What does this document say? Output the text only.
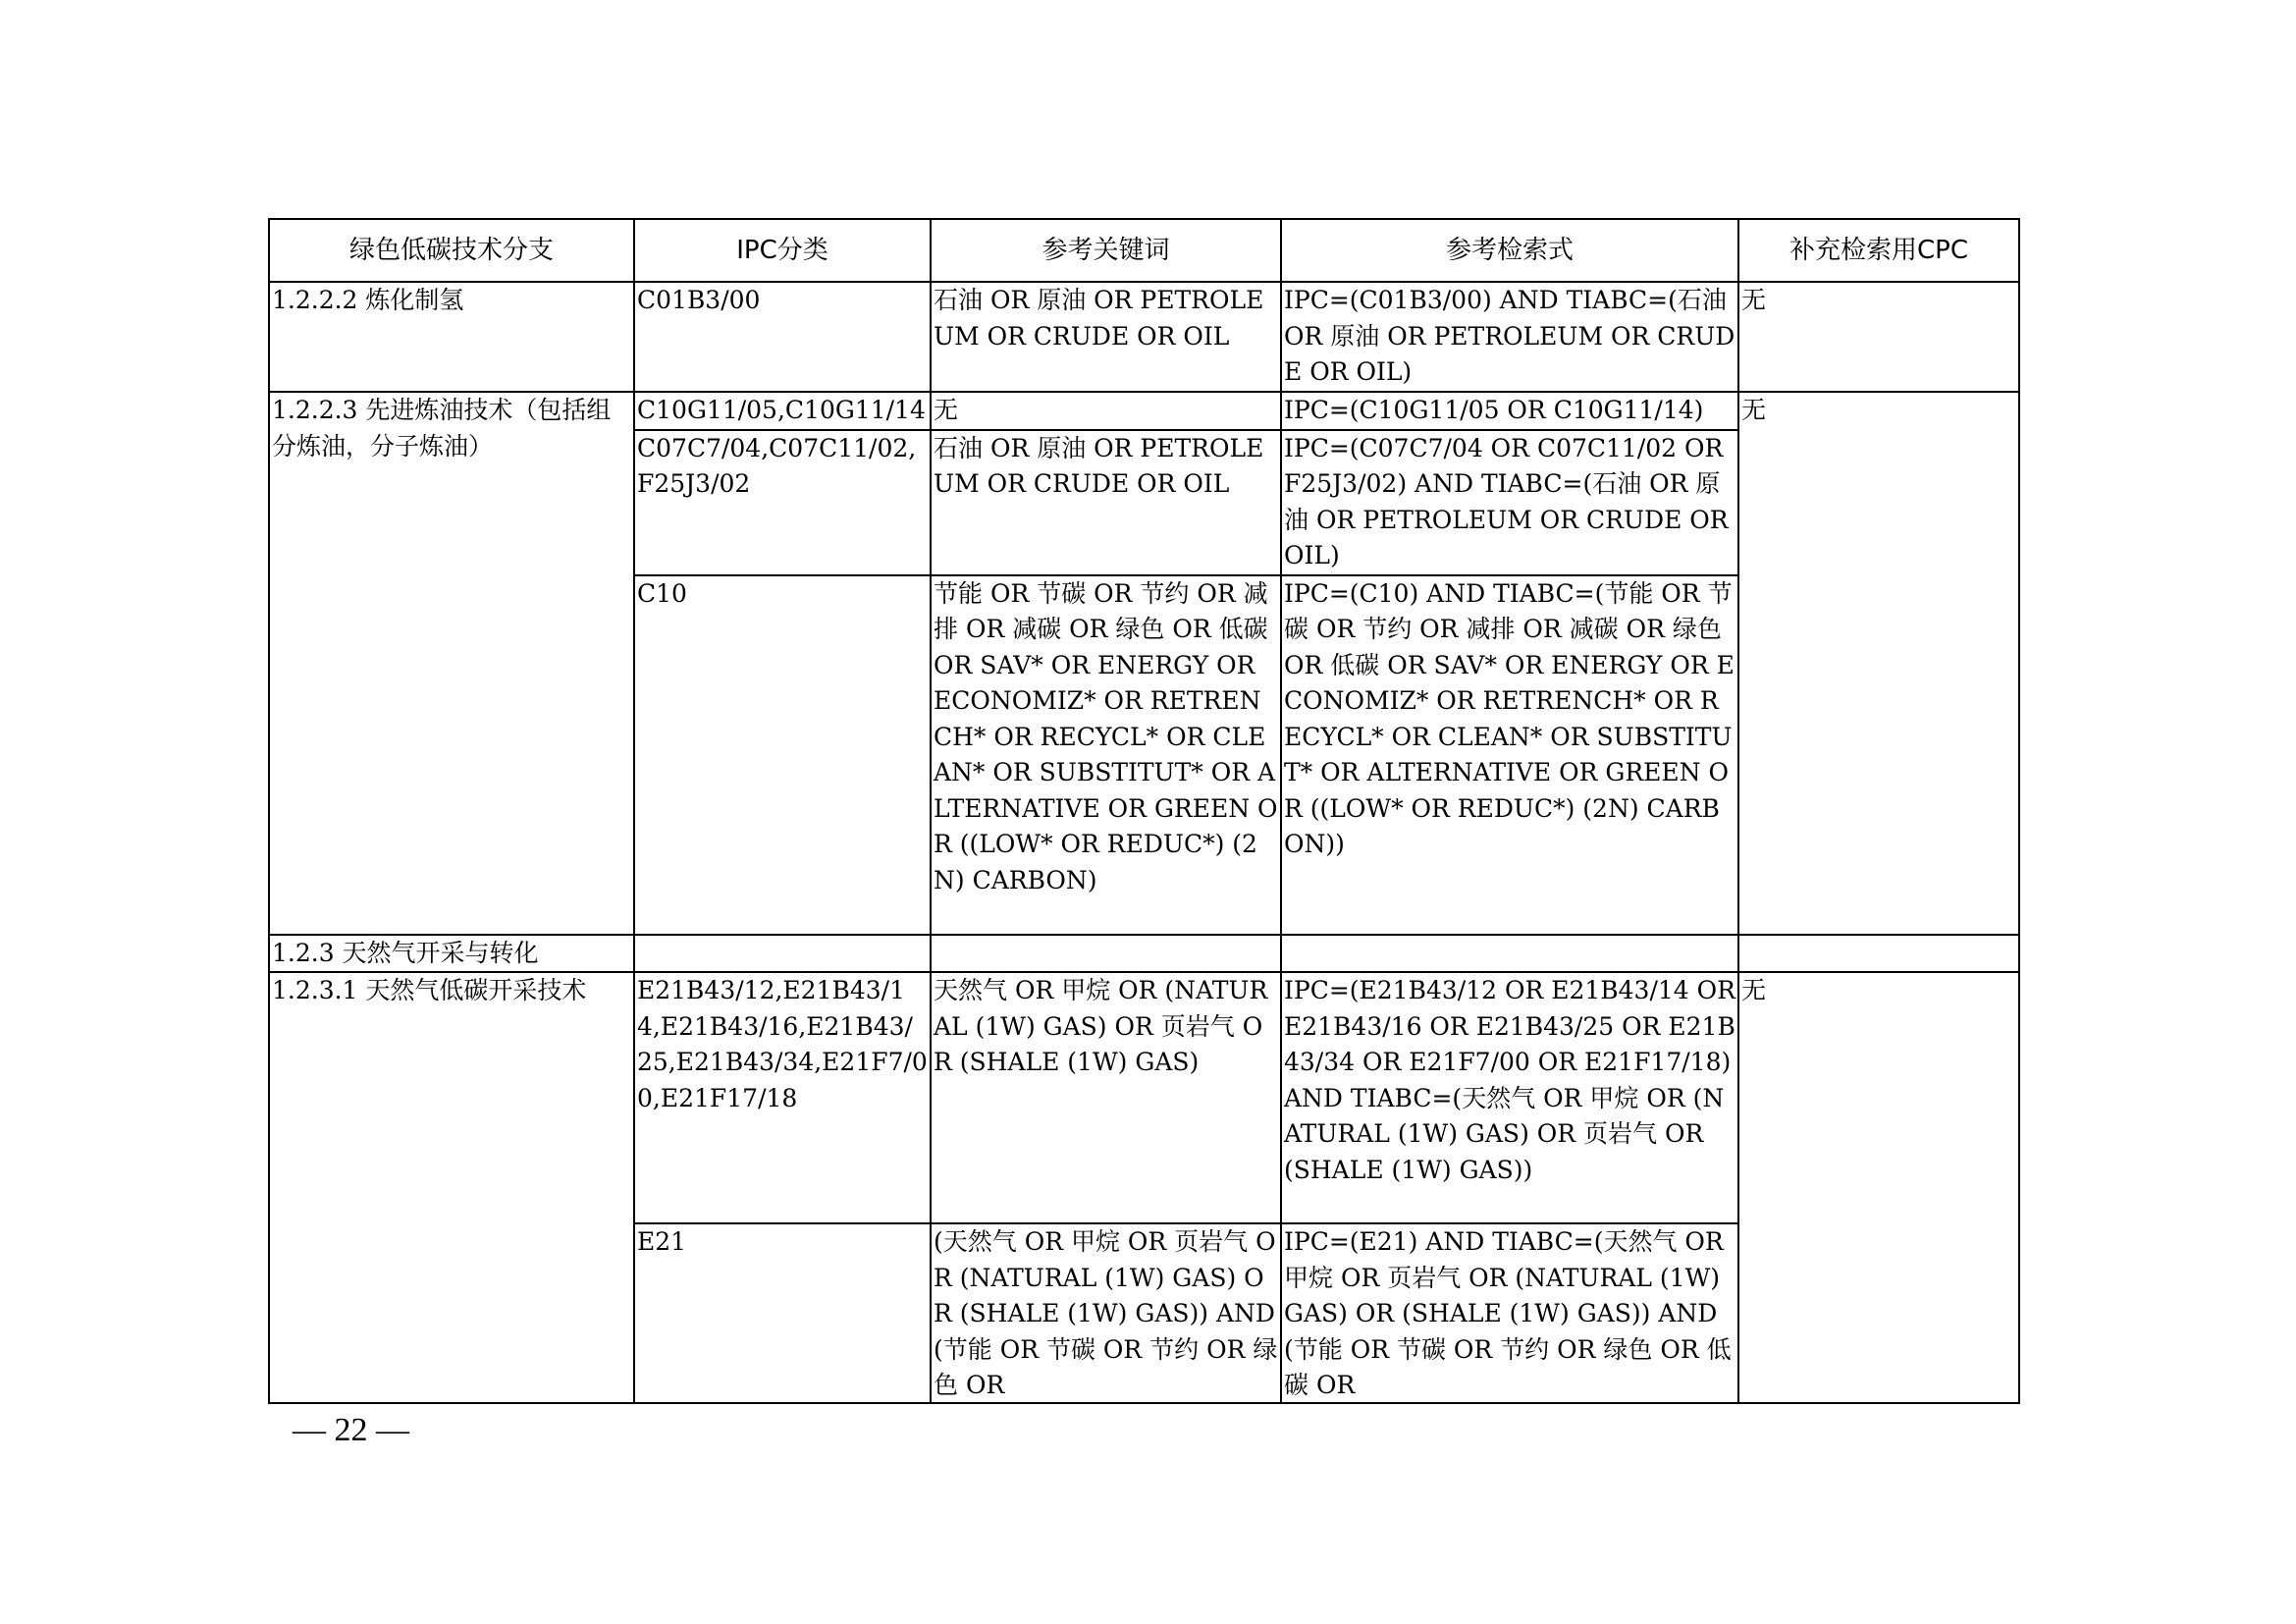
绿色低碳技术分支	IPC分类	参考关键词	参考检索式	补充检索用CPC
1.2.2.2 炼化制氢	C01B3/00	石油 OR 原油 OR PETROLEUM OR CRUDE OR OIL	IPC=(C01B3/00) AND TIABC=(石油 OR 原油 OR PETROLEUM OR CRUDE OR OIL)	无
1.2.2.3 先进炼油技术（包括组分炼油，分子炼油）	C10G11/05,C10G11/14	无	IPC=(C10G11/05 OR C10G11/14)	无
	C07C7/04,C07C11/02,F25J3/02	石油 OR 原油 OR PETROLEUM OR CRUDE OR OIL	IPC=(C07C7/04 OR C07C11/02 OR F25J3/02) AND TIABC=(石油 OR 原油 OR PETROLEUM OR CRUDE OR OIL)	
	C10	节能 OR 节碳 OR 节约 OR 减排 OR 减碳 OR 绿色 OR 低碳 OR SAV* OR ENERGY OR ECONOMIZ* OR RETRENCH* OR RECYCL* OR CLEAN* OR SUBSTITUT* OR ALTERNATIVE OR GREEN OR ((LOW* OR REDUC*) (2N) CARBON)	IPC=(C10) AND TIABC=(节能 OR 节碳 OR 节约 OR 减排 OR 减碳 OR 绿色 OR 低碳 OR SAV* OR ENERGY OR ECONOMIZ* OR RETRENCH* OR RECYCL* OR CLEAN* OR SUBSTITUT* OR ALTERNATIVE OR GREEN OR ((LOW* OR REDUC*) (2N) CARBON))	
1.2.3 天然气开采与转化				
1.2.3.1 天然气低碳开采技术	E21B43/12,E21B43/14,E21B43/16,E21B43/25,E21B43/34,E21F7/00,E21F17/18	天然气 OR 甲烷 OR (NATURAL (1W) GAS) OR 页岩气 OR (SHALE (1W) GAS)	IPC=(E21B43/12 OR E21B43/14 OR E21B43/16 OR E21B43/25 OR E21B43/34 OR E21F7/00 OR E21F17/18) AND TIABC=(天然气 OR 甲烷 OR (NATURAL (1W) GAS) OR 页岩气 OR (SHALE (1W) GAS))	无
	E21	(天然气 OR 甲烷 OR 页岩气 OR (NATURAL (1W) GAS) OR (SHALE (1W) GAS)) AND (节能 OR 节碳 OR 节约 OR 绿色 OR	IPC=(E21) AND TIABC=(天然气 OR 甲烷 OR 页岩气 OR (NATURAL (1W) GAS) OR (SHALE (1W) GAS)) AND (节能 OR 节碳 OR 节约 OR 绿色 OR 低碳 OR	
— 22 —
